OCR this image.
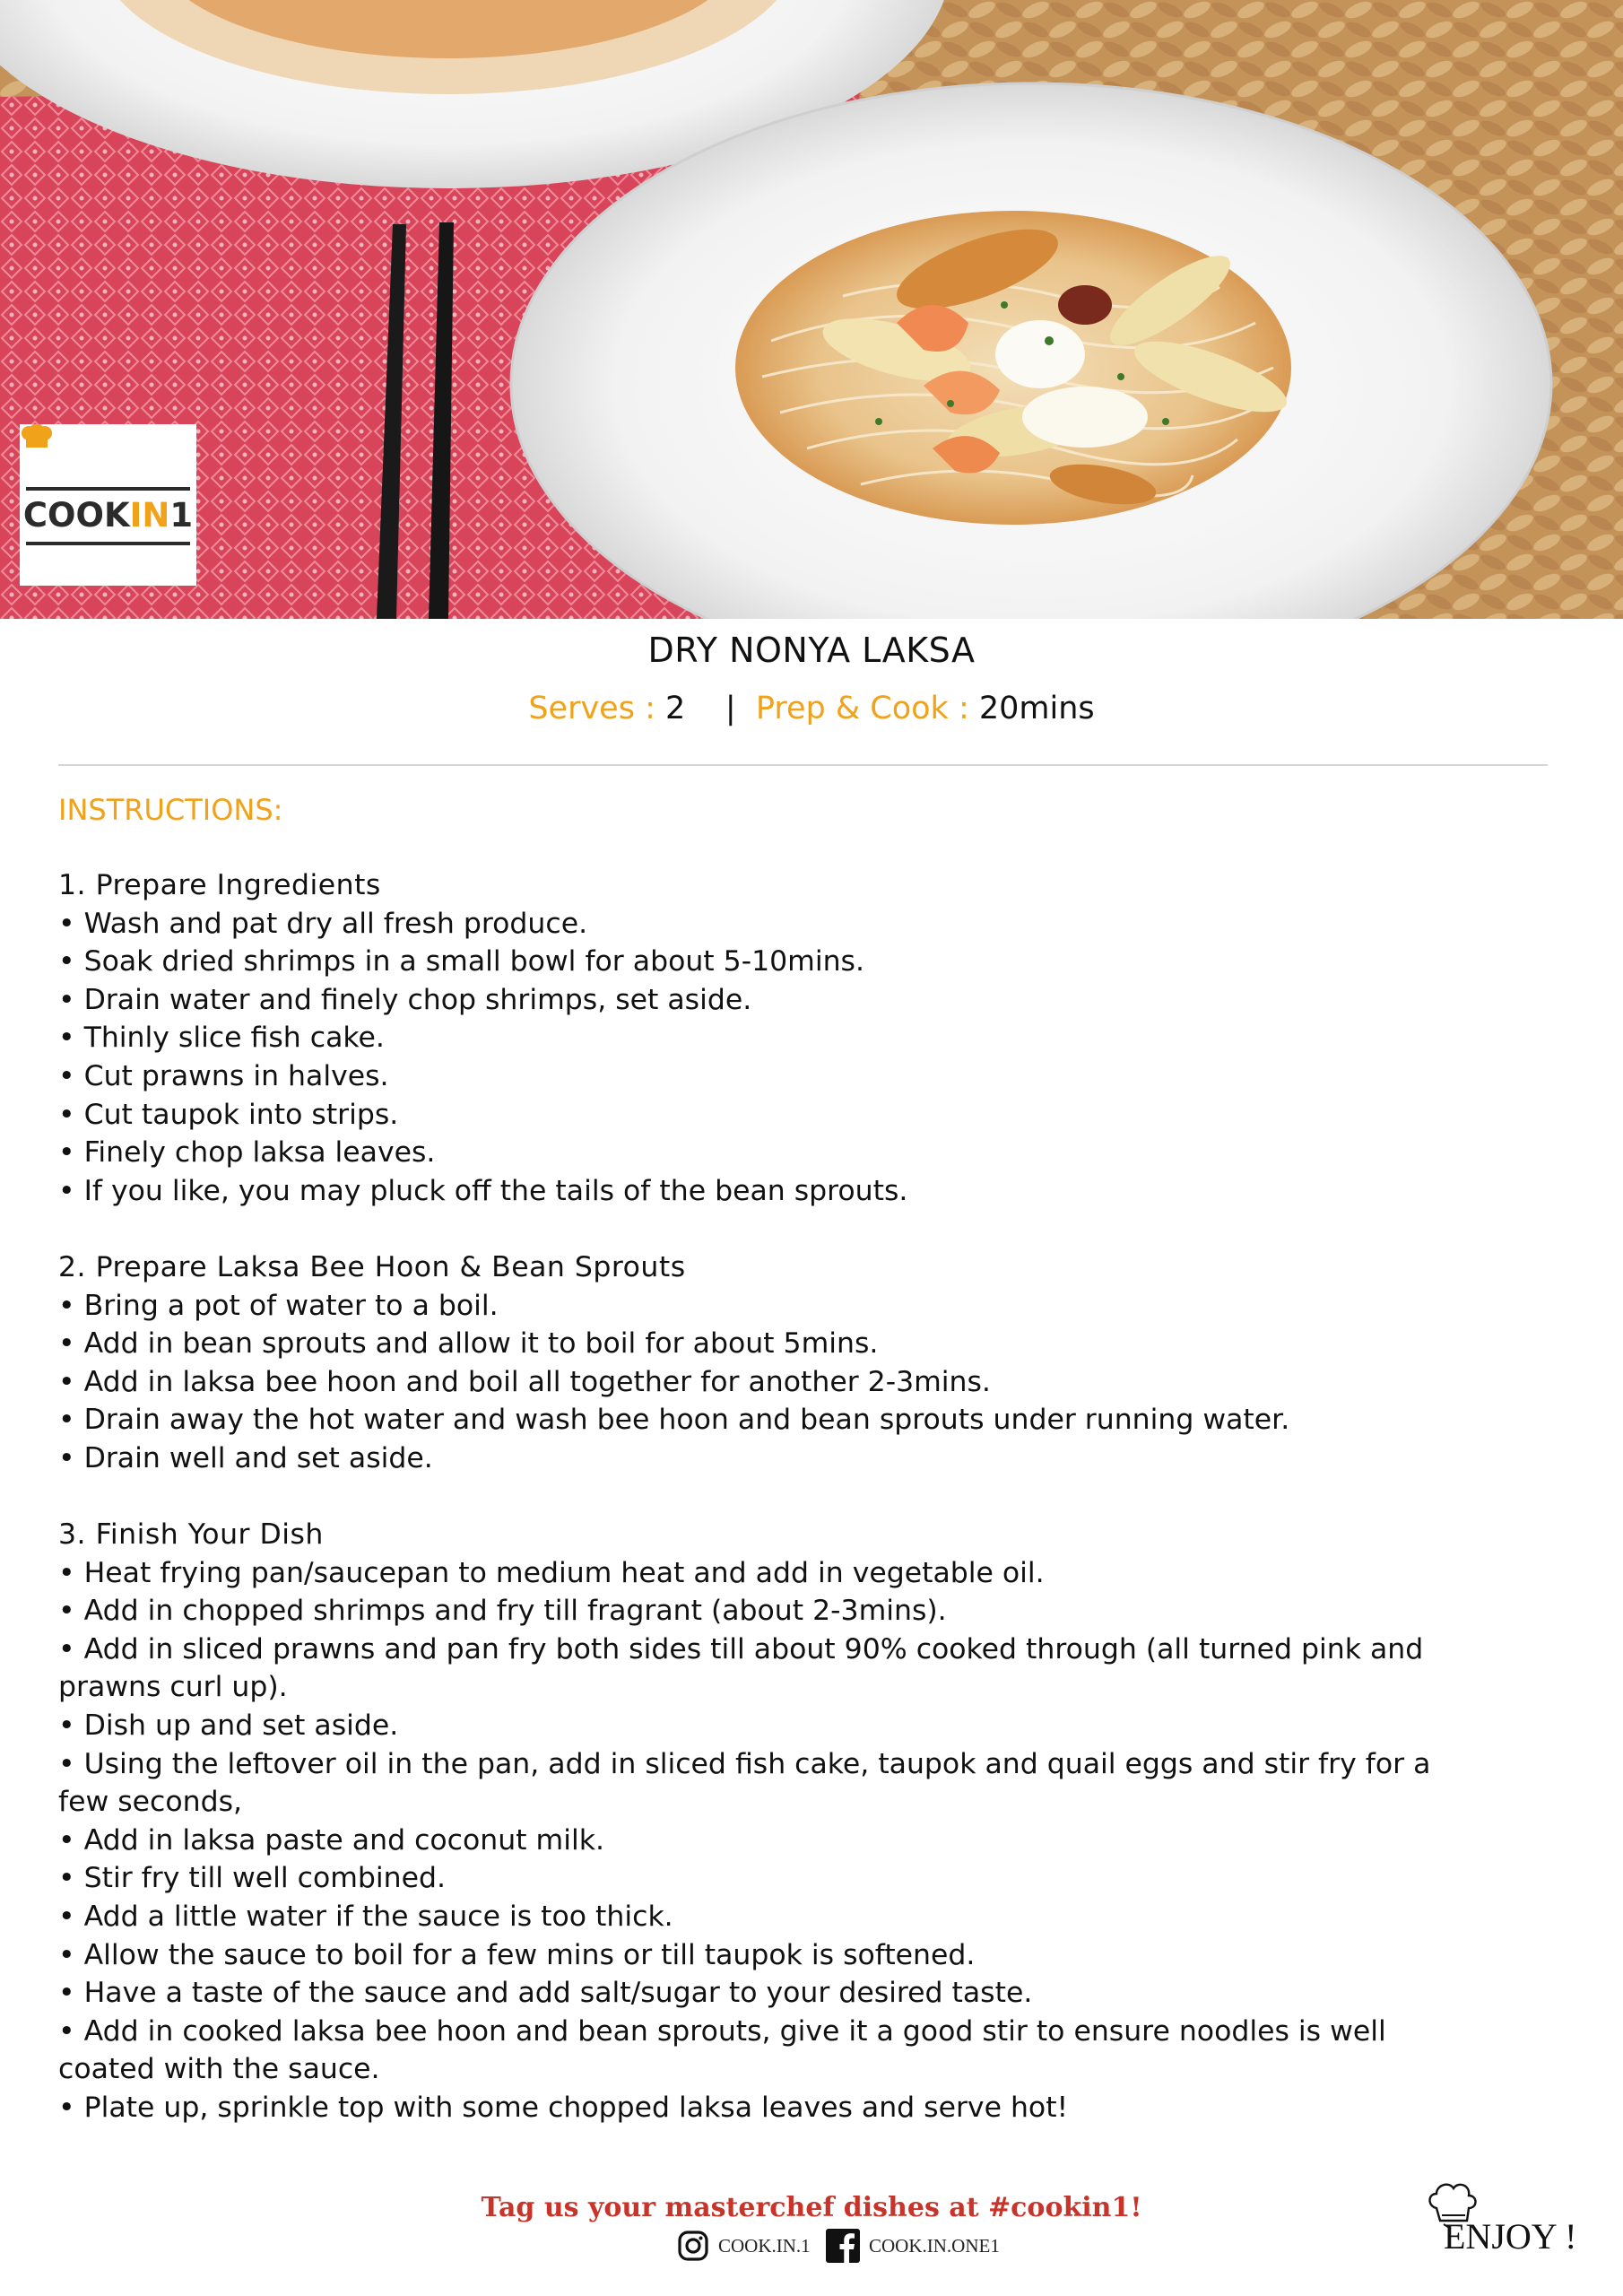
COOKIN1
DRY NONYA LAKSA
Serves : 2 | Prep & Cook : 20mins
INSTRUCTIONS:
1. Prepare Ingredients
• Wash and pat dry all fresh produce.
• Soak dried shrimps in a small bowl for about 5-10mins.
• Drain water and finely chop shrimps, set aside.
• Thinly slice fish cake.
• Cut prawns in halves.
• Cut taupok into strips.
• Finely chop laksa leaves.
• If you like, you may pluck off the tails of the bean sprouts.
2. Prepare Laksa Bee Hoon & Bean Sprouts
• Bring a pot of water to a boil.
• Add in bean sprouts and allow it to boil for about 5mins.
• Add in laksa bee hoon and boil all together for another 2-3mins.
• Drain away the hot water and wash bee hoon and bean sprouts under running water.
• Drain well and set aside.
3. Finish Your Dish
• Heat frying pan/saucepan to medium heat and add in vegetable oil.
• Add in chopped shrimps and fry till fragrant (about 2-3mins).
• Add in sliced prawns and pan fry both sides till about 90% cooked through (all turned pink and
prawns curl up).
• Dish up and set aside.
• Using the leftover oil in the pan, add in sliced fish cake, taupok and quail eggs and stir fry for a
few seconds,
• Add in laksa paste and coconut milk.
• Stir fry till well combined.
• Add a little water if the sauce is too thick.
• Allow the sauce to boil for a few mins or till taupok is softened.
• Have a taste of the sauce and add salt/sugar to your desired taste.
• Add in cooked laksa bee hoon and bean sprouts, give it a good stir to ensure noodles is well
coated with the sauce.
• Plate up, sprinkle top with some chopped laksa leaves and serve hot!
Tag us your masterchef dishes at #cookin1!
COOK.IN.1	COOK.IN.ONE1	ENJOY !
